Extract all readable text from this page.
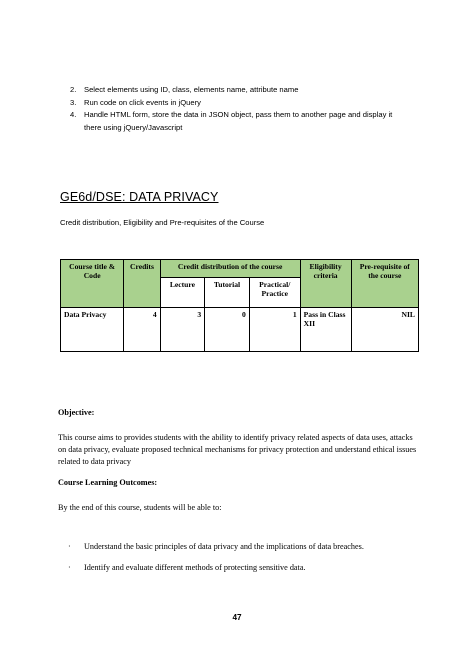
2.	Select elements using ID, class, elements name, attribute name
3.	Run code on click events in jQuery
4.	Handle HTML form, store the data in JSON object, pass them to another page and display it there using jQuery/Javascript
GE6d/DSE: DATA PRIVACY
Credit distribution, Eligibility and Pre-requisites of the Course
Course title & Code	Credits	Credit distribution of the course			Eligibility criteria	Pre-requisite of the course
		Lecture	Tutorial	Practical/ Practice		
Data Privacy	4	3	0	1	Pass in Class XII	NIL
Objective:
This course aims to provides students with the ability to identify privacy related aspects of data uses, attacks on data privacy, evaluate proposed technical mechanisms for privacy protection and understand ethical issues related to data privacy
Course Learning Outcomes:
By the end of this course, students will be able to:
·	Understand the basic principles of data privacy and the implications of data breaches.
·	Identify and evaluate different methods of protecting sensitive data.
47
